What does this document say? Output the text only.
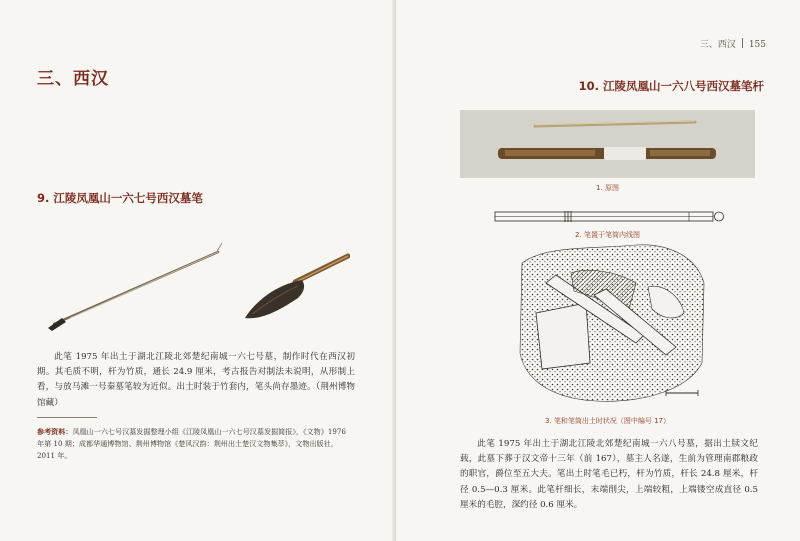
三、西汉
9. 江陵凤凰山一六七号西汉墓笔

此笔 1975 年出土于湖北江陵北郊楚纪南城一六七号墓，制作时代在西汉初期。其毛质不明，杆为竹质，通长 24.9 厘米，考古报告对制法未说明，从形制上看，与放马滩一号秦墓笔较为近似。出土时装于竹套内，笔头尚存墨迹。（荆州博物馆藏）

参考资料：凤凰山一六七号汉墓发掘整理小组《江陵凤凰山一六七号汉墓发掘简报》，《文物》1976 年第 10 期；成都华通博物馆、荆州博物馆《楚风汉韵：荆州出土楚汉文物集萃》，文物出版社，2011 年。

三、西汉 155
10. 江陵凤凰山一六八号西汉墓笔杆

1. 原图

2. 笔置于笔筒内线图

3. 笔和笔筒出土时状况（图中编号 17）

此笔 1975 年出土于湖北江陵北郊楚纪南城一六八号墓，据出土牍文纪载，此墓下葬于汉文帝十三年（前 167），墓主人名遂，生前为管理南郡粮政的职官，爵位至五大夫。笔出土时笔毛已朽，杆为竹质，杆长 24.8 厘米，杆径 0.5—0.3 厘米。此笔杆细长，末端削尖，上端较粗，上端镂空成直径 0.5 厘米的毛腔，深约径 0.6 厘米。
